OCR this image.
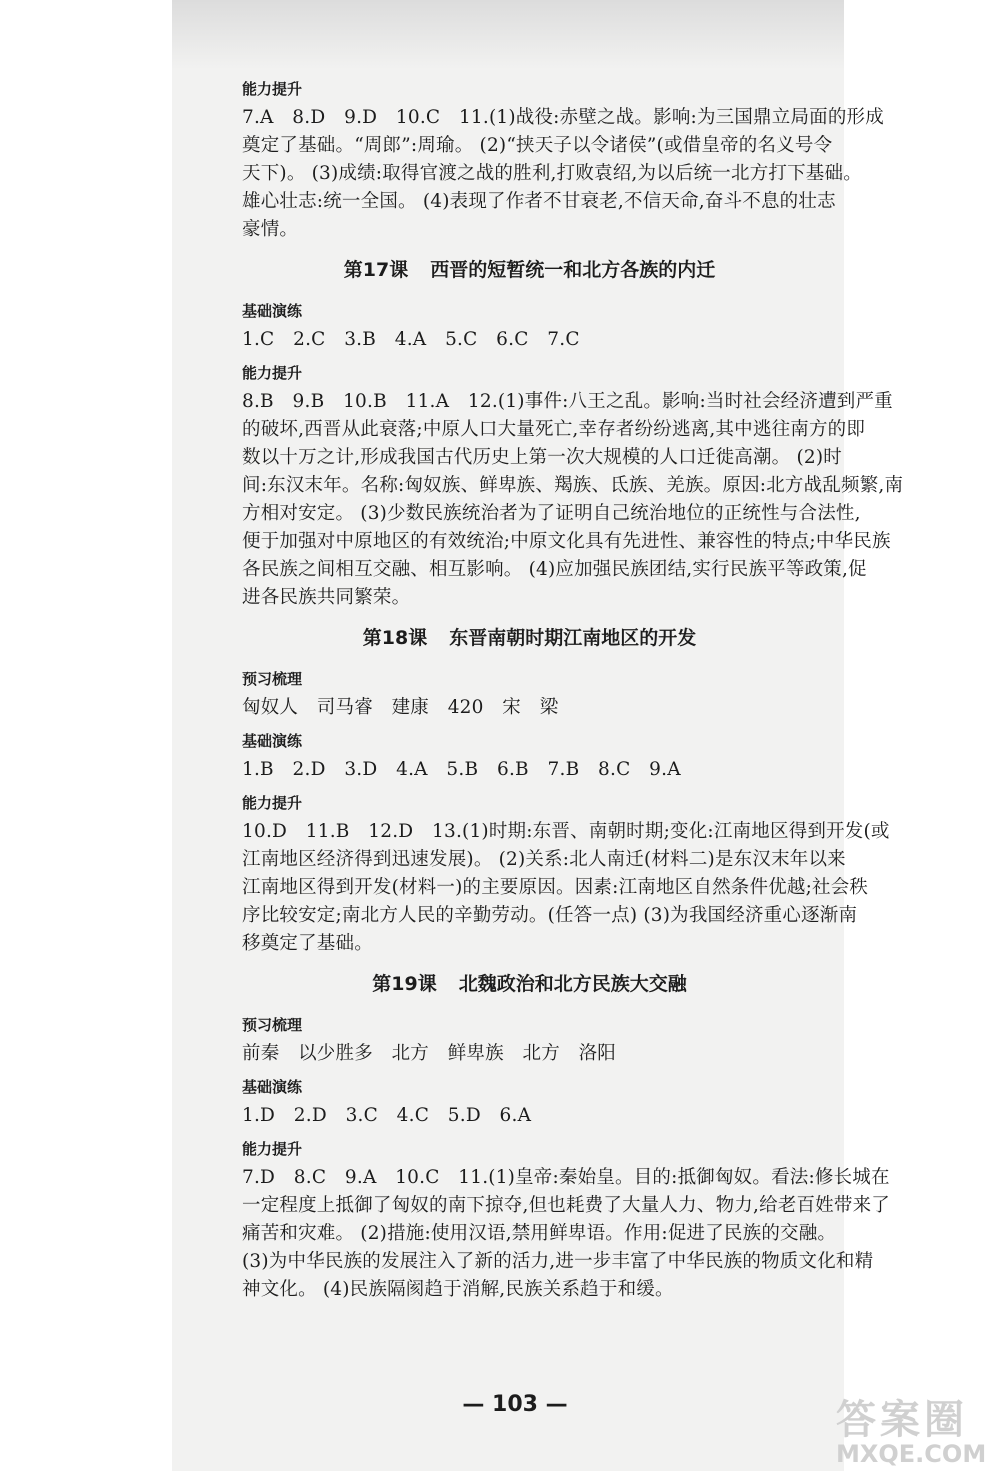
能力提升
7.A　8.D　9.D　10.C　11.(1)战役:赤壁之战。影响:为三国鼎立局面的形成
奠定了基础。“周郎”:周瑜。 (2)“挟天子以令诸侯”(或借皇帝的名义号令
天下)。 (3)成绩:取得官渡之战的胜利,打败袁绍,为以后统一北方打下基础。
雄心壮志:统一全国。 (4)表现了作者不甘衰老,不信天命,奋斗不息的壮志
豪情。
第17课 西晋的短暂统一和北方各族的内迁
基础演练
1.C　2.C　3.B　4.A　5.C　6.C　7.C
能力提升
8.B　9.B　10.B　11.A　12.(1)事件:八王之乱。影响:当时社会经济遭到严重
的破坏,西晋从此衰落;中原人口大量死亡,幸存者纷纷逃离,其中逃往南方的即
数以十万之计,形成我国古代历史上第一次大规模的人口迁徙高潮。 (2)时
间:东汉末年。名称:匈奴族、鲜卑族、羯族、氐族、羌族。原因:北方战乱频繁,南
方相对安定。 (3)少数民族统治者为了证明自己统治地位的正统性与合法性,
便于加强对中原地区的有效统治;中原文化具有先进性、兼容性的特点;中华民族
各民族之间相互交融、相互影响。 (4)应加强民族团结,实行民族平等政策,促
进各民族共同繁荣。
第18课 东晋南朝时期江南地区的开发
预习梳理
匈奴人　司马睿　建康　420　宋　梁
基础演练
1.B　2.D　3.D　4.A　5.B　6.B　7.B　8.C　9.A
能力提升
10.D　11.B　12.D　13.(1)时期:东晋、南朝时期;变化:江南地区得到开发(或
江南地区经济得到迅速发展)。 (2)关系:北人南迁(材料二)是东汉末年以来
江南地区得到开发(材料一)的主要原因。因素:江南地区自然条件优越;社会秩
序比较安定;南北方人民的辛勤劳动。(任答一点) (3)为我国经济重心逐渐南
移奠定了基础。
第19课 北魏政治和北方民族大交融
预习梳理
前秦　以少胜多　北方　鲜卑族　北方　洛阳
基础演练
1.D　2.D　3.C　4.C　5.D　6.A
能力提升
7.D　8.C　9.A　10.C　11.(1)皇帝:秦始皇。目的:抵御匈奴。看法:修长城在
一定程度上抵御了匈奴的南下掠夺,但也耗费了大量人力、物力,给老百姓带来了
痛苦和灾难。 (2)措施:使用汉语,禁用鲜卑语。作用:促进了民族的交融。
(3)为中华民族的发展注入了新的活力,进一步丰富了中华民族的物质文化和精
神文化。 (4)民族隔阂趋于消解,民族关系趋于和缓。
— 103 —	答案圈
MXQE.COM
